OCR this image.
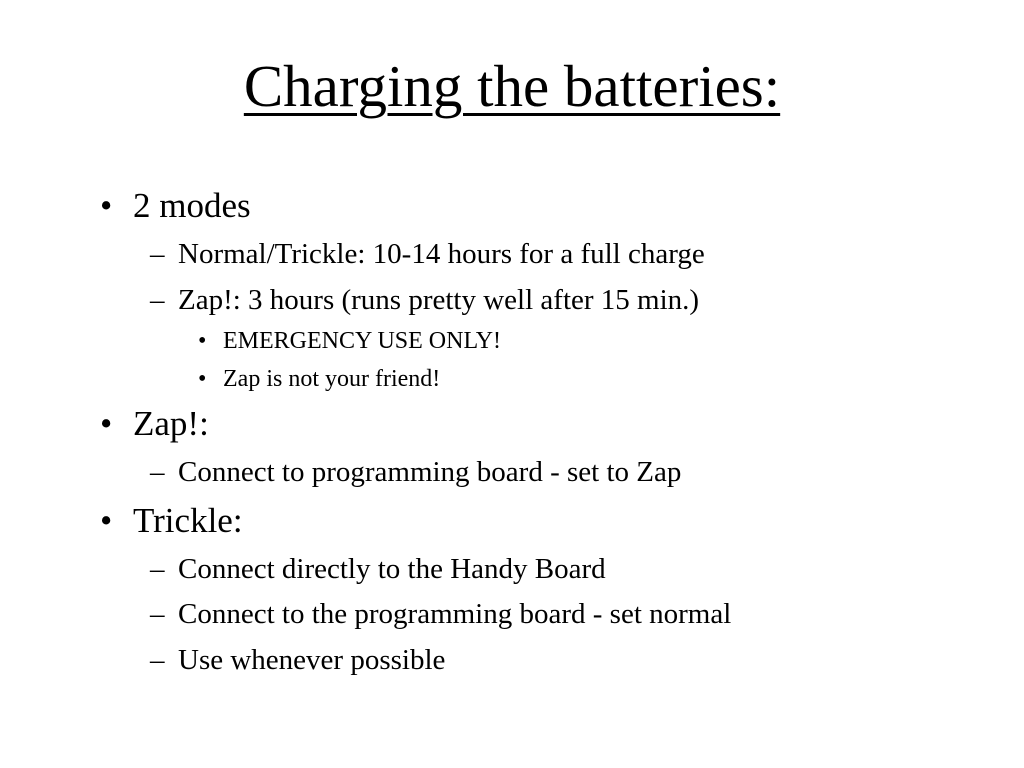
Charging the batteries:
• 2 modes
– Normal/Trickle: 10-14 hours for a full charge
– Zap!: 3 hours (runs pretty well after 15 min.)
• EMERGENCY USE ONLY!
• Zap is not your friend!
• Zap!:
– Connect to programming board - set to Zap
• Trickle:
– Connect directly to the Handy Board
– Connect to the programming board - set normal
– Use whenever possible
